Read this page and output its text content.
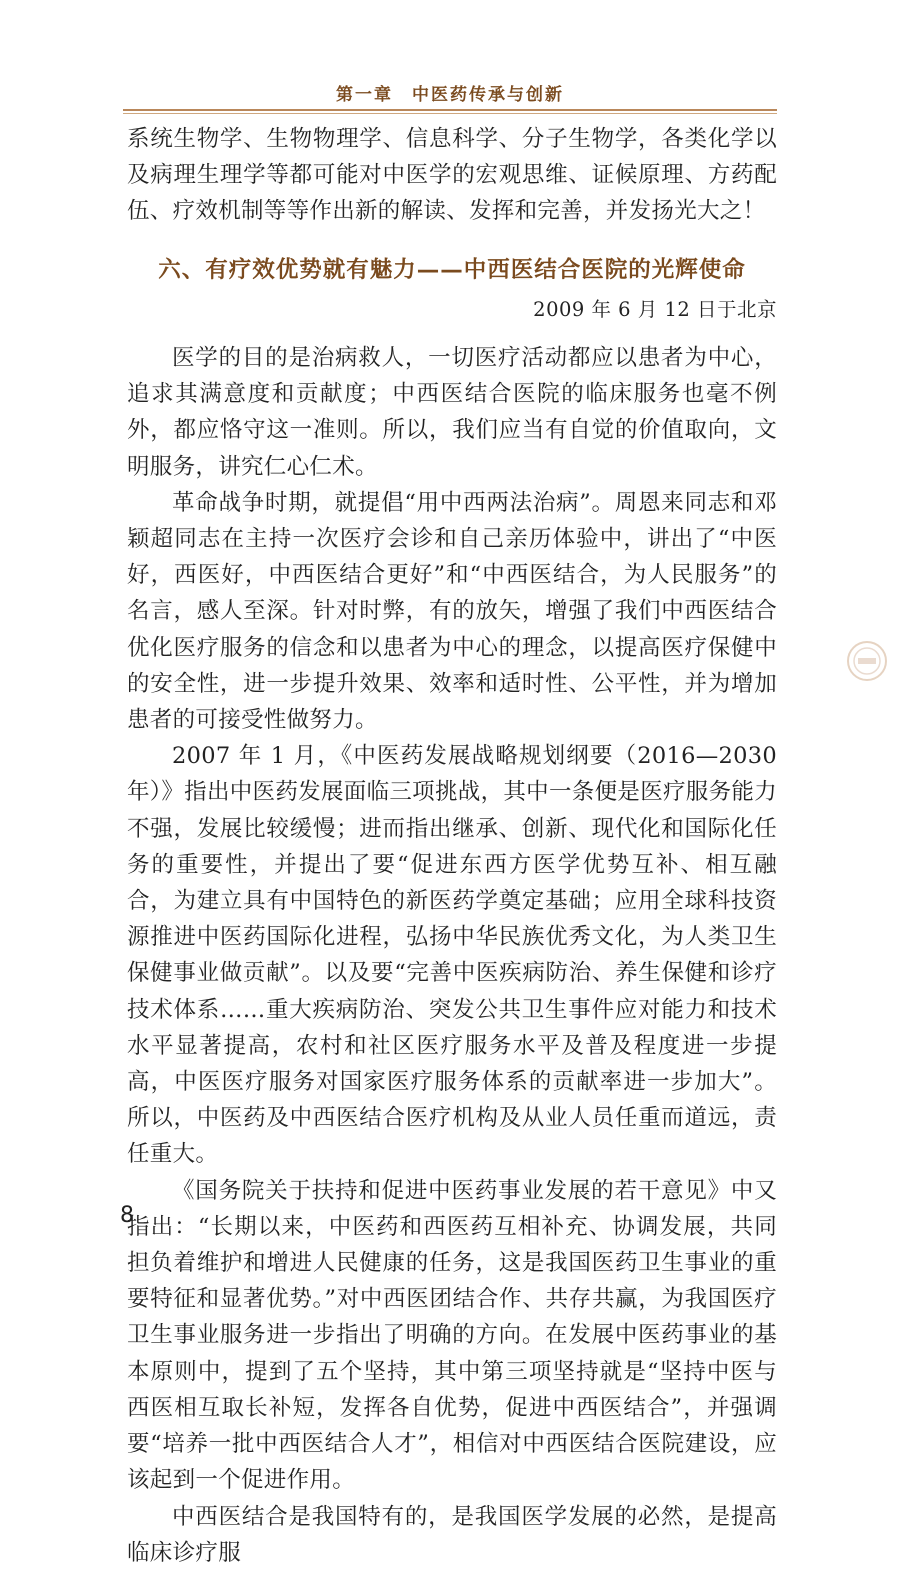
第一章　中医药传承与创新

系统生物学、生物物理学、信息科学、分子生物学，各类化学以及病理生理学等都可能对中医学的宏观思维、证候原理、方药配伍、疗效机制等等作出新的解读、发挥和完善，并发扬光大之！

六、有疗效优势就有魅力——中西医结合医院的光辉使命
2009 年 6 月 12 日于北京

医学的目的是治病救人，一切医疗活动都应以患者为中心，追求其满意度和贡献度；中西医结合医院的临床服务也毫不例外，都应恪守这一准则。所以，我们应当有自觉的价值取向，文明服务，讲究仁心仁术。

革命战争时期，就提倡“用中西两法治病”。周恩来同志和邓颖超同志在主持一次医疗会诊和自己亲历体验中，讲出了“中医好，西医好，中西医结合更好”和“中西医结合，为人民服务”的名言，感人至深。针对时弊，有的放矢，增强了我们中西医结合优化医疗服务的信念和以患者为中心的理念，以提高医疗保健中的安全性，进一步提升效果、效率和适时性、公平性，并为增加患者的可接受性做努力。

2007 年 1 月，《中医药发展战略规划纲要（2016—2030 年）》指出中医药发展面临三项挑战，其中一条便是医疗服务能力不强，发展比较缓慢；进而指出继承、创新、现代化和国际化任务的重要性，并提出了要“促进东西方医学优势互补、相互融合，为建立具有中国特色的新医药学奠定基础；应用全球科技资源推进中医药国际化进程，弘扬中华民族优秀文化，为人类卫生保健事业做贡献”。以及要“完善中医疾病防治、养生保健和诊疗技术体系……重大疾病防治、突发公共卫生事件应对能力和技术水平显著提高，农村和社区医疗服务水平及普及程度进一步提高，中医医疗服务对国家医疗服务体系的贡献率进一步加大”。所以，中医药及中西医结合医疗机构及从业人员任重而道远，责任重大。

《国务院关于扶持和促进中医药事业发展的若干意见》中又指出：“长期以来，中医药和西医药互相补充、协调发展，共同担负着维护和增进人民健康的任务，这是我国医药卫生事业的重要特征和显著优势。”对中西医团结合作、共存共赢，为我国医疗卫生事业服务进一步指出了明确的方向。在发展中医药事业的基本原则中，提到了五个坚持，其中第三项坚持就是“坚持中医与西医相互取长补短，发挥各自优势，促进中西医结合”，并强调要“培养一批中西医结合人才”，相信对中西医结合医院建设，应该起到一个促进作用。

中西医结合是我国特有的，是我国医学发展的必然，是提高临床诊疗服

8
